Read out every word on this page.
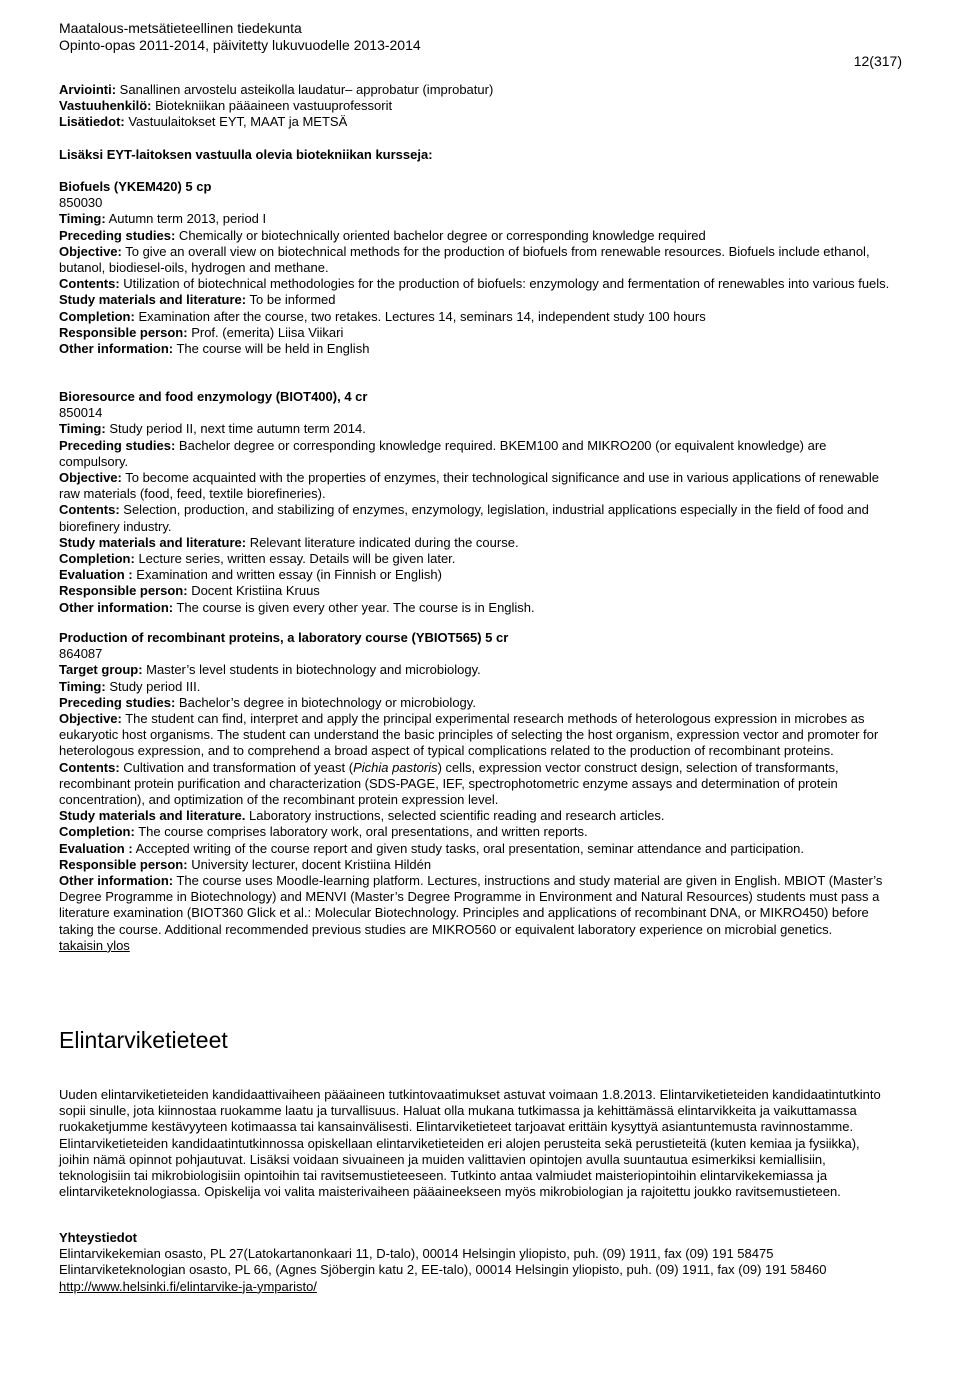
Maatalous-metsätieteellinen tiedekunta
Opinto-opas 2011-2014, päivitetty lukuvuodelle 2013-2014
12(317)

Arviointi: Sanallinen arvostelu asteikolla laudatur– approbatur (improbatur)

Vastuuhenkilö: Biotekniikan pääaineen vastuuprofessorit

Lisätiedot: Vastuulaitokset EYT, MAAT ja METSÄ

Lisäksi EYT-laitoksen vastuulla olevia biotekniikan kursseja:

Biofuels (YKEM420) 5 cp

850030

Timing: Autumn term 2013, period I

Preceding studies: Chemically or biotechnically oriented bachelor degree or corresponding knowledge required

Objective: To give an overall view on biotechnical methods for the production of biofuels from renewable resources. Biofuels include ethanol, butanol, biodiesel-oils, hydrogen and methane.

Contents: Utilization of biotechnical methodologies for the production of biofuels: enzymology and fermentation of renewables into various fuels.

Study materials and literature: To be informed

Completion: Examination after the course, two retakes. Lectures 14, seminars 14, independent study 100 hours

Responsible person: Prof. (emerita) Liisa Viikari

Other information: The course will be held in English

Bioresource and food enzymology (BIOT400), 4 cr

850014

Timing: Study period II, next time autumn term 2014.

Preceding studies: Bachelor degree or corresponding knowledge required. BKEM100 and MIKRO200 (or equivalent knowledge) are compulsory.

Objective: To become acquainted with the properties of enzymes, their technological significance and use in various applications of renewable raw materials (food, feed, textile biorefineries).

Contents: Selection, production, and stabilizing of enzymes, enzymology, legislation, industrial applications especially in the field of food and biorefinery industry.

Study materials and literature: Relevant literature indicated during the course.

Completion: Lecture series, written essay. Details will be given later.

Evaluation : Examination and written essay (in Finnish or English)

Responsible person: Docent Kristiina Kruus

Other information: The course is given every other year. The course is in English.

Production of recombinant proteins, a laboratory course (YBIOT565) 5 cr

864087

Target group: Master’s level students in biotechnology and microbiology.

Timing: Study period III.

Preceding studies: Bachelor’s degree in biotechnology or microbiology.

Objective: The student can find, interpret and apply the principal experimental research methods of heterologous expression in microbes as eukaryotic host organisms. The student can understand the basic principles of selecting the host organism, expression vector and promoter for heterologous expression, and to comprehend a broad aspect of typical complications related to the production of recombinant proteins.

Contents: Cultivation and transformation of yeast (Pichia pastoris) cells, expression vector construct design, selection of transformants, recombinant protein purification and characterization (SDS-PAGE, IEF, spectrophotometric enzyme assays and determination of protein concentration), and optimization of the recombinant protein expression level.

Study materials and literature. Laboratory instructions, selected scientific reading and research articles.

Completion: The course comprises laboratory work, oral presentations, and written reports.

Evaluation : Accepted writing of the course report and given study tasks, oral presentation, seminar attendance and participation.

Responsible person: University lecturer, docent Kristiina Hildén

Other information: The course uses Moodle-learning platform. Lectures, instructions and study material are given in English. MBIOT (Master’s Degree Programme in Biotechnology) and MENVI (Master’s Degree Programme in Environment and Natural Resources) students must pass a literature examination (BIOT360 Glick et al.: Molecular Biotechnology. Principles and applications of recombinant DNA, or MIKRO450) before taking the course. Additional recommended previous studies are MIKRO560 or equivalent laboratory experience on microbial genetics.

takaisin ylos

Elintarviketieteet

Uuden elintarviketieteiden kandidaattivaiheen pääaineen tutkintovaatimukset astuvat voimaan 1.8.2013. Elintarviketieteiden kandidaatintutkinto sopii sinulle, jota kiinnostaa ruokamme laatu ja turvallisuus. Haluat olla mukana tutkimassa ja kehittämässä elintarvikkeita ja vaikuttamassa ruokaketjumme kestävyyteen kotimaassa tai kansainvälisesti. Elintarviketieteet tarjoavat erittäin kysyttyä asiantuntemusta ravinnostamme. Elintarviketieteiden kandidaatintutkinnossa opiskellaan elintarviketieteiden eri alojen perusteita sekä perustieteitä (kuten kemiaa ja fysiikka), joihin nämä opinnot pohjautuvat. Lisäksi voidaan sivuaineen ja muiden valittavien opintojen avulla suuntautua esimerkiksi kemiallisiin, teknologisiin tai mikrobiologisiin opintoihin tai ravitsemustieteeseen. Tutkinto antaa valmiudet maisteriopintoihin elintarvikekemiassa ja elintarviketeknologiassa. Opiskelija voi valita maisterivaiheen pääaineekseen myös mikrobiologian ja rajoitettu joukko ravitsemustieteen.

Yhteystiedot

Elintarvikekemian osasto, PL 27(Latokartanonkaari 11, D-talo), 00014 Helsingin yliopisto, puh. (09) 1911, fax (09) 191 58475

Elintarviketeknologian osasto, PL 66, (Agnes Sjöbergin katu 2, EE-talo), 00014 Helsingin yliopisto, puh. (09) 1911, fax (09) 191 58460

http://www.helsinki.fi/elintarvike-ja-ymparisto/
